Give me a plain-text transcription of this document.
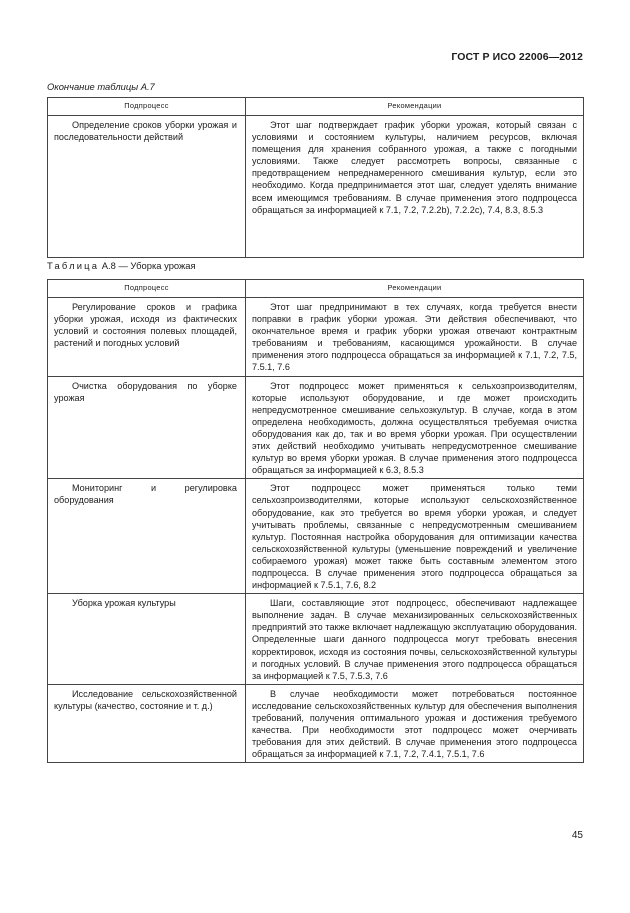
ГОСТ Р ИСО 22006—2012
Окончание таблицы А.7
Подпроцесс	Рекомендации
Определение сроков уборки урожая и последовательности действий	Этот шаг подтверждает график уборки урожая, который связан с условиями и состоянием культуры, наличием ресурсов, включая помещения для хранения собранного урожая, а также с погодными условиями. Также следует рассмотреть вопросы, связанные с предотвращением непреднамеренного смешивания культур, если это необходимо. Когда предпринимается этот шаг, следует уделять внимание всем имеющимся требованиям. В случае применения этого подпроцесса обращаться за информацией к 7.1, 7.2, 7.2.2b), 7.2.2c), 7.4, 8.3, 8.5.3
Таблица А.8 — Уборка урожая
Подпроцесс	Рекомендации
Регулирование сроков и графика уборки урожая, исходя из фактических условий и состояния полевых площадей, растений и погодных условий	Этот шаг предпринимают в тех случаях, когда требуется внести поправки в график уборки урожая. Эти действия обеспечивают, что окончательное время и график уборки урожая отвечают контрактным требованиям и требованиям, касающимся урожайности. В случае применения этого подпроцесса обращаться за информацией к 7.1, 7.2, 7.5, 7.5.1, 7.6
Очистка оборудования по уборке урожая	Этот подпроцесс может применяться к сельхозпроизводителям, которые используют оборудование, и где может происходить непредусмотренное смешивание сельхозкультур. В случае, когда в этом определена необходимость, должна осуществляться требуемая очистка оборудования как до, так и во время уборки урожая. При осуществлении этих действий необходимо учитывать непредусмотренное смешивание культур во время уборки урожая. В случае применения этого подпроцесса обращаться за информацией к 6.3, 8.5.3
Мониторинг и регулировка оборудования	Этот подпроцесс может применяться только теми сельхозпроизводителями, которые используют сельскохозяйственное оборудование, как это требуется во время уборки урожая, и следует учитывать проблемы, связанные с непредусмотренным смешиванием культур. Постоянная настройка оборудования для оптимизации качества сельскохозяйственной культуры (уменьшение повреждений и увеличение собираемого урожая) может также быть составным элементом этого подпроцесса. В случае применения этого подпроцесса обращаться за информацией к 7.5.1, 7.6, 8.2
Уборка урожая культуры	Шаги, составляющие этот подпроцесс, обеспечивают надлежащее выполнение задач. В случае механизированных сельскохозяйственных предприятий это также включает надлежащую эксплуатацию оборудования. Определенные шаги данного подпроцесса могут требовать внесения корректировок, исходя из состояния почвы, сельскохозяйственной культуры и погодных условий. В случае применения этого подпроцесса обращаться за информацией к 7.5, 7.5.3, 7.6
Исследование сельскохозяйственной культуры (качество, состояние и т. д.)	В случае необходимости может потребоваться постоянное исследование сельскохозяйственных культур для обеспечения выполнения требований, получения оптимального урожая и достижения требуемого качества. При необходимости этот подпроцесс может очерчивать требования для этих действий. В случае применения этого подпроцесса обращаться за информацией к 7.1, 7.2, 7.4.1, 7.5.1, 7.6
45
